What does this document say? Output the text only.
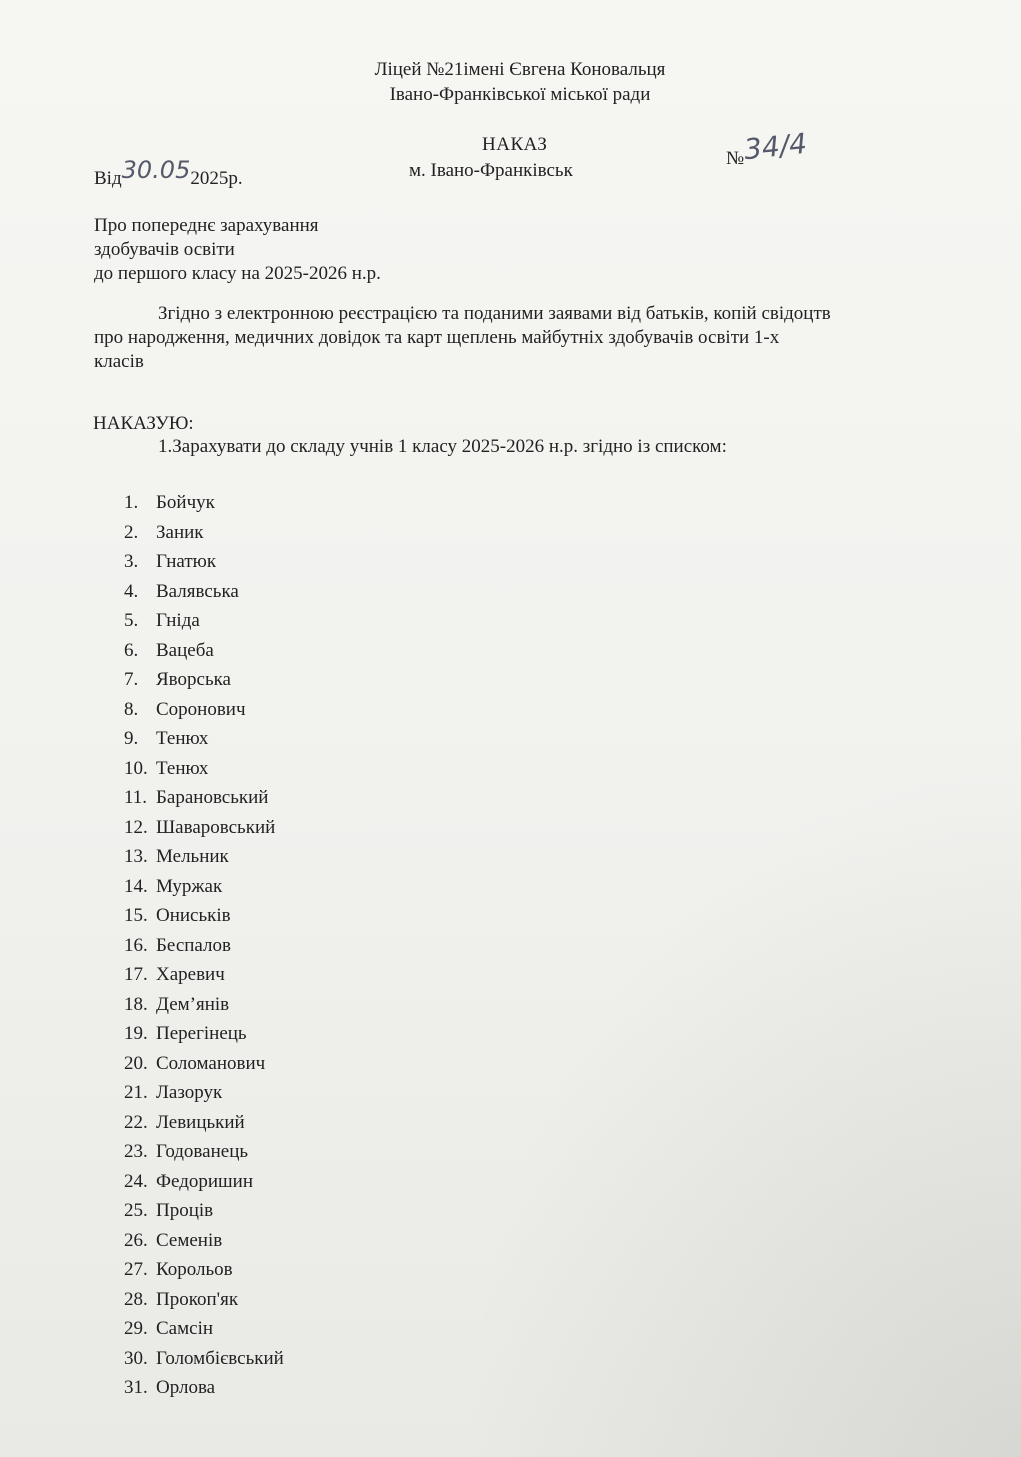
Ліцей №21імені Євгена Коновальця
Івано-Франківської міської ради
НАКАЗ
м. Івано-Франківськ
Від30.052025р.
№34/4
Про попереднє зарахування
здобувачів освіти
до першого класу на 2025-2026 н.р.
Згідно з електронною реєстрацією та поданими заявами від батьків, копій свідоцтв
про народження, медичних довідок та карт щеплень майбутніх здобувачів освіти 1-х
класів
НАКАЗУЮ:
1.Зарахувати до складу учнів 1 класу 2025-2026 н.р. згідно із списком:
1. Бойчук
2. Заник
3. Гнатюк
4. Валявська
5. Гніда
6. Вацеба
7. Яворська
8. Соронович
9. Тенюх
10. Тенюх
11. Барановський
12. Шаваровський
13. Мельник
14. Муржак
15. Ониськів
16. Беспалов
17. Харевич
18. Дем’янів
19. Перегінець
20. Соломанович
21. Лазорук
22. Левицький
23. Годованець
24. Федоришин
25. Проців
26. Семенів
27. Корольов
28. Прокоп'як
29. Самсін
30. Голомбієвський
31. Орлова
